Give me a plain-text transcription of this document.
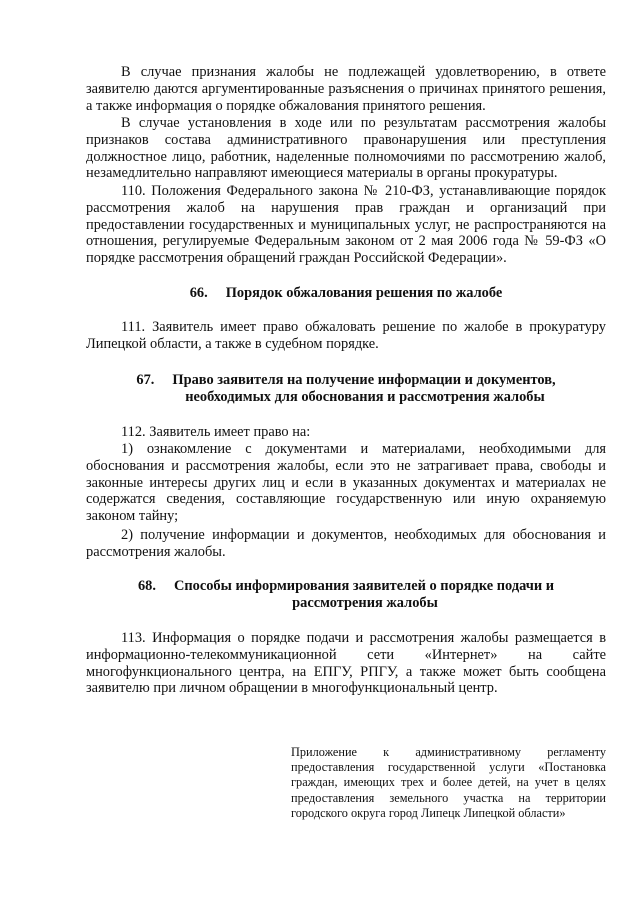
В случае признания жалобы не подлежащей удовлетворению, в ответе заявителю даются аргументированные разъяснения о причинах принятого решения, а также информация о порядке обжалования принятого решения.

В случае установления в ходе или по результатам рассмотрения жалобы признаков состава административного правонарушения или преступления должностное лицо, работник, наделенные полномочиями по рассмотрению жалоб, незамедлительно направляют имеющиеся материалы в органы прокуратуры.

110. Положения Федерального закона № 210-ФЗ, устанавливающие порядок рассмотрения жалоб на нарушения прав граждан и организаций при предоставлении государственных и муниципальных услуг, не распространяются на отношения, регулируемые Федеральным законом от 2 мая 2006 года № 59-ФЗ «О порядке рассмотрения обращений граждан Российской Федерации».

66. Порядок обжалования решения по жалобе

111. Заявитель имеет право обжаловать решение по жалобе в прокуратуру Липецкой области, а также в судебном порядке.

67. Право заявителя на получение информации и документов,
необходимых для обоснования и рассмотрения жалобы

112. Заявитель имеет право на:

1) ознакомление с документами и материалами, необходимыми для обоснования и рассмотрения жалобы, если это не затрагивает права, свободы и законные интересы других лиц и если в указанных документах и материалах не содержатся сведения, составляющие государственную или иную охраняемую законом тайну;

2) получение информации и документов, необходимых для обоснования и рассмотрения жалобы.

68. Способы информирования заявителей о порядке подачи и
рассмотрения жалобы

113. Информация о порядке подачи и рассмотрения жалобы размещается в информационно-телекоммуникационной сети «Интернет» на сайте многофункционального центра, на ЕПГУ, РПГУ, а также может быть сообщена заявителю при личном обращении в многофункциональный центр.

Приложение к административному регламенту предоставления государственной услуги «Постановка граждан, имеющих трех и более детей, на учет в целях предоставления земельного участка на территории городского округа город Липецк Липецкой области»
